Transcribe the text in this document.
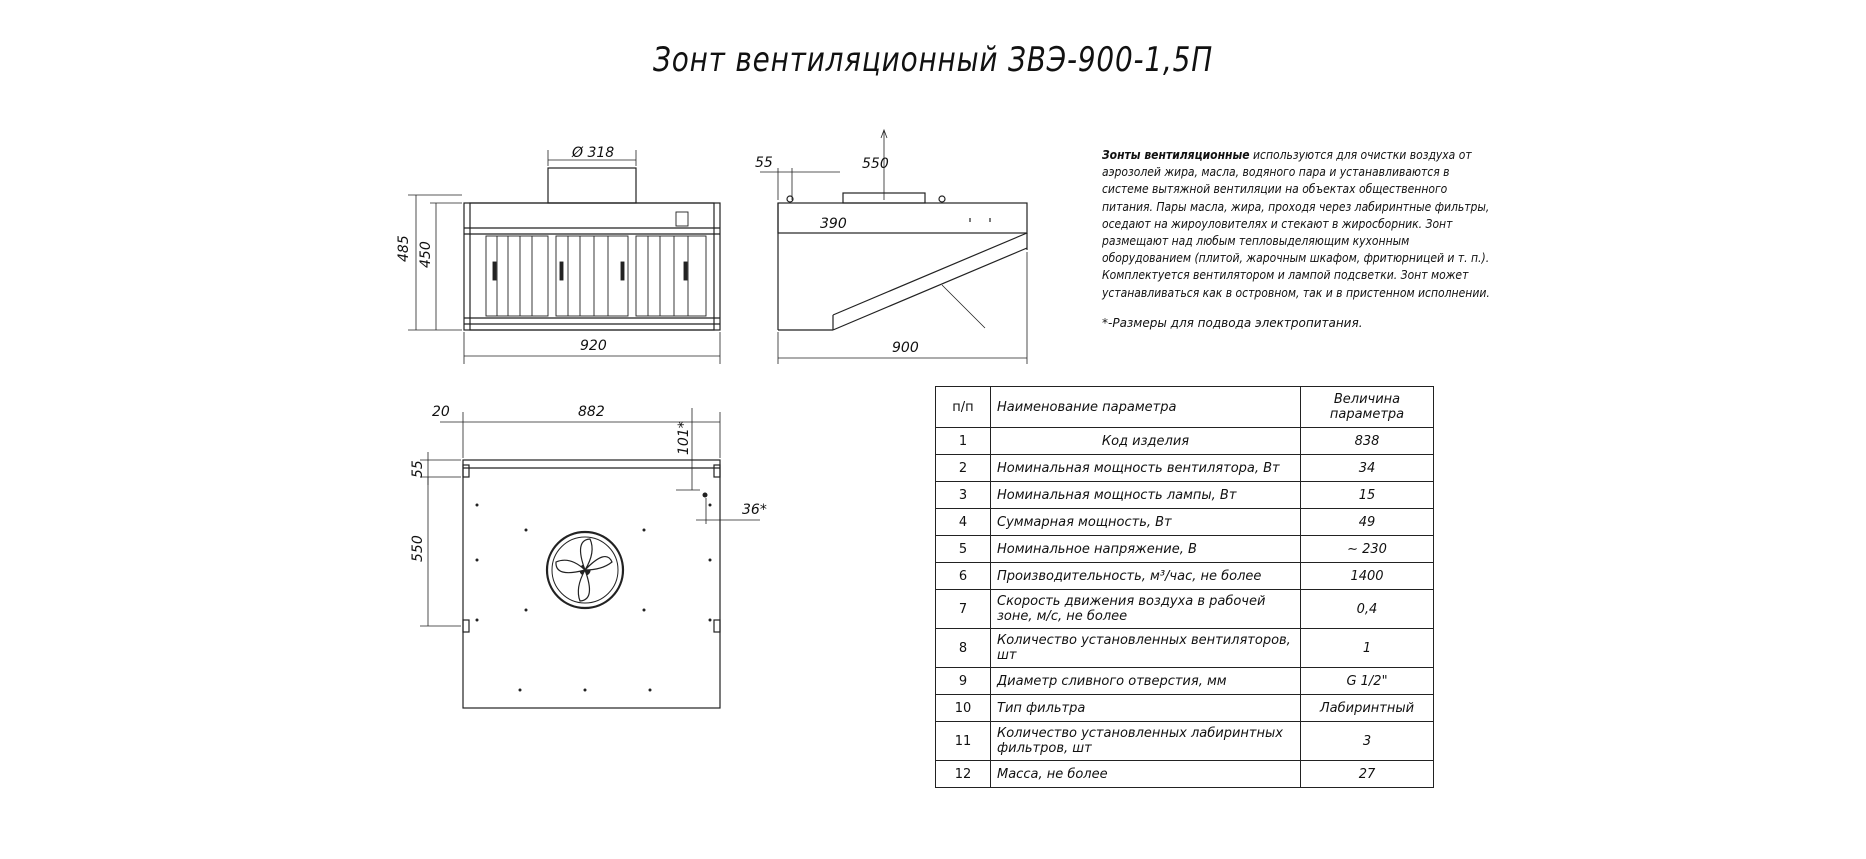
Зонт вентиляционный ЗВЭ-900-1,5П
Ø 318
485 450
920
55	550
390
900
20	882
101*
55
550
36*
Зонты вентиляционные используются для очистки воздуха от аэрозолей жира, масла, водяного пара и устанавливаются в системе вытяжной вентиляции на объектах общественного питания. Пары масла, жира, проходя через лабиринтные фильтры, оседают на жироуловителях и стекают в жиросборник. Зонт размещают над любым тепловыделяющим кухонным оборудованием (плитой, жарочным шкафом, фритюрницей и т. п.). Комплектуется вентилятором и лампой подсветки. Зонт может устанавливаться как в островном, так и в пристенном исполнении.
*-Размеры для подвода электропитания.
п/п	Наименование параметра	Величина параметра
1	Код изделия	838
2	Номинальная мощность вентилятора, Вт	34
3	Номинальная мощность лампы, Вт	15
4	Суммарная мощность, Вт	49
5	Номинальное напряжение, В	∼ 230
6	Производительность, м³/час, не более	1400
7	Скорость движения воздуха в рабочей зоне, м/с, не более	0,4
8	Количество установленных вентиляторов, шт	1
9	Диаметр сливного отверстия, мм	G 1/2"
10	Тип фильтра	Лабиринтный
11	Количество установленных лабиринтных фильтров, шт	3
12	Масса, не более	27
